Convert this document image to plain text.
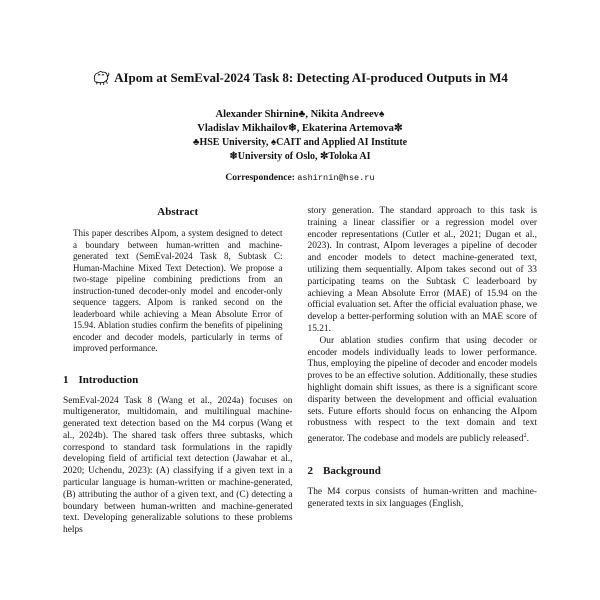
AIpom at SemEval-2024 Task 8: Detecting AI-produced Outputs in M4
Alexander Shirnin♣, Nikita Andreev♠
Vladislav Mikhailov❄, Ekaterina Artemova✼
♣HSE University, ♠CAIT and Applied AI Institute
❄University of Oslo, ✼Toloka AI
Correspondence: ashirnin@hse.ru
Abstract

This paper describes AIpom, a system designed to detect a boundary between human-written and machine-generated text (SemEval-2024 Task 8, Subtask C: Human-Machine Mixed Text Detection). We propose a two-stage pipeline combining predictions from an instruction-tuned decoder-only model and encoder-only sequence taggers. AIpom is ranked second on the leaderboard while achieving a Mean Absolute Error of 15.94. Ablation studies confirm the benefits of pipelining encoder and decoder models, particularly in terms of improved performance.

1 Introduction

SemEval-2024 Task 8 (Wang et al., 2024a) focuses on multigenerator, multidomain, and multilingual machine-generated text detection based on the M4 corpus (Wang et al., 2024b). The shared task offers three subtasks, which correspond to standard task formulations in the rapidly developing field of artificial text detection (Jawahar et al., 2020; Uchendu, 2023): (A) classifying if a given text in a particular language is human-written or machine-generated, (B) attributing the author of a given text, and (C) detecting a boundary between human-written and machine-generated text. Developing generalizable solutions to these problems helps

story generation. The standard approach to this task is training a linear classifier or a regression model over encoder representations (Cutler et al., 2021; Dugan et al., 2023). In contrast, AIpom leverages a pipeline of decoder and encoder models to detect machine-generated text, utilizing them sequentially. AIpom takes second out of 33 participating teams on the Subtask C leaderboard by achieving a Mean Absolute Error (MAE) of 15.94 on the official evaluation set. After the official evaluation phase, we develop a better-performing solution with an MAE score of 15.21.

Our ablation studies confirm that using decoder or encoder models individually leads to lower performance. Thus, employing the pipeline of decoder and encoder models proves to be an effective solution. Additionally, these studies highlight domain shift issues, as there is a significant score disparity between the development and official evaluation sets. Future efforts should focus on enhancing the AIpom robustness with respect to the text domain and text generator. The codebase and models are publicly released$^2$.

2 Background

The M4 corpus consists of human-written and machine-generated texts in six languages (English,
